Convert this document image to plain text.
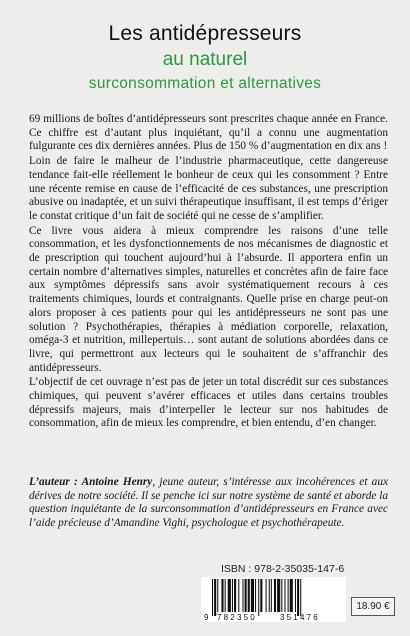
Les antidépresseurs
au naturel
surconsommation et alternatives

69 millions de boîtes d’antidépresseurs sont prescrites chaque année en France. Ce chiffre est d’autant plus inquiétant, qu’il a connu une augmentation fulgurante ces dix dernières années. Plus de 150 % d’augmentation en dix ans !

Loin de faire le malheur de l’industrie pharmaceutique, cette dangereuse tendance fait-elle réellement le bonheur de ceux qui les consomment ? Entre une récente remise en cause de l’efficacité de ces substances, une prescription abusive ou inadaptée, et un suivi thérapeutique insuffisant, il est temps d’ériger le constat critique d’un fait de société qui ne cesse de s’amplifier.

Ce livre vous aidera à mieux comprendre les raisons d’une telle consommation, et les dysfonctionnements de nos mécanismes de diagnostic et de prescription qui touchent aujourd’hui à l’absurde. Il apportera enfin un certain nombre d’alternatives simples, naturelles et concrètes afin de faire face aux symptômes dépressifs sans avoir systématiquement recours à ces traitements chimiques, lourds et contraignants. Quelle prise en charge peut-on alors proposer à ces patients pour qui les antidépresseurs ne sont pas une solution ? Psychothérapies, thérapies à médiation corporelle, relaxation, oméga-3 et nutrition, millepertuis… sont autant de solutions abordées dans ce livre, qui permettront aux lecteurs qui le souhaitent de s’affranchir des antidépresseurs.

L’objectif de cet ouvrage n’est pas de jeter un total discrédit sur ces substances chimiques, qui peuvent s’avérer efficaces et utiles dans certains troubles dépressifs majeurs, mais d’interpeller le lecteur sur nos habitudes de consommation, afin de mieux les comprendre, et bien entendu, d’en changer.

L’auteur : Antoine Henry, jeune auteur, s’intéresse aux incohérences et aux dérives de notre société. Il se penche ici sur notre système de santé et aborde la question inquiétante de la surconsommation d’antidépresseurs en France avec l’aide précieuse d’Amandine Vighi, psychologue et psychothérapeute.
ISBN : 978-2-35035-147-6
9 782350	351476
18.90 €
